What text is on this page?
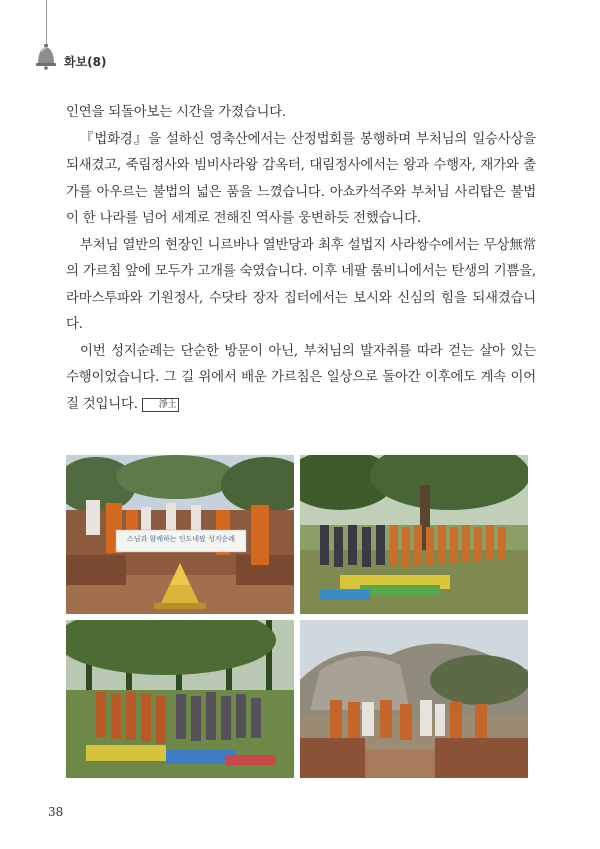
화보(8)

인연을 되돌아보는 시간을 가졌습니다.

『법화경』을 설하신 영축산에서는 산정법회를 봉행하며 부처님의 일승사상을 되새겼고, 죽림정사와 빔비사라왕 감옥터, 대림정사에서는 왕과 수행자, 재가와 출가를 아우르는 불법의 넓은 품을 느꼈습니다. 아쇼카석주와 부처님 사리탑은 불법이 한 나라를 넘어 세계로 전해진 역사를 웅변하듯 전했습니다.

부처님 열반의 현장인 니르바나 열반당과 최후 설법지 사라쌍수에서는 무상無常의 가르침 앞에 모두가 고개를 숙였습니다. 이후 네팔 룸비니에서는 탄생의 기쁨을, 라마스투파와 기원정사, 수닷타 장자 집터에서는 보시와 신심의 힘을 되새겼습니다.

이번 성지순례는 단순한 방문이 아닌, 부처님의 발자취를 따라 걷는 살아 있는 수행이었습니다. 그 길 위에서 배운 가르침은 일상으로 돌아간 이후에도 계속 이어질 것입니다. 淨土

스님과 함께하는 인도네팔 성지순례
38
